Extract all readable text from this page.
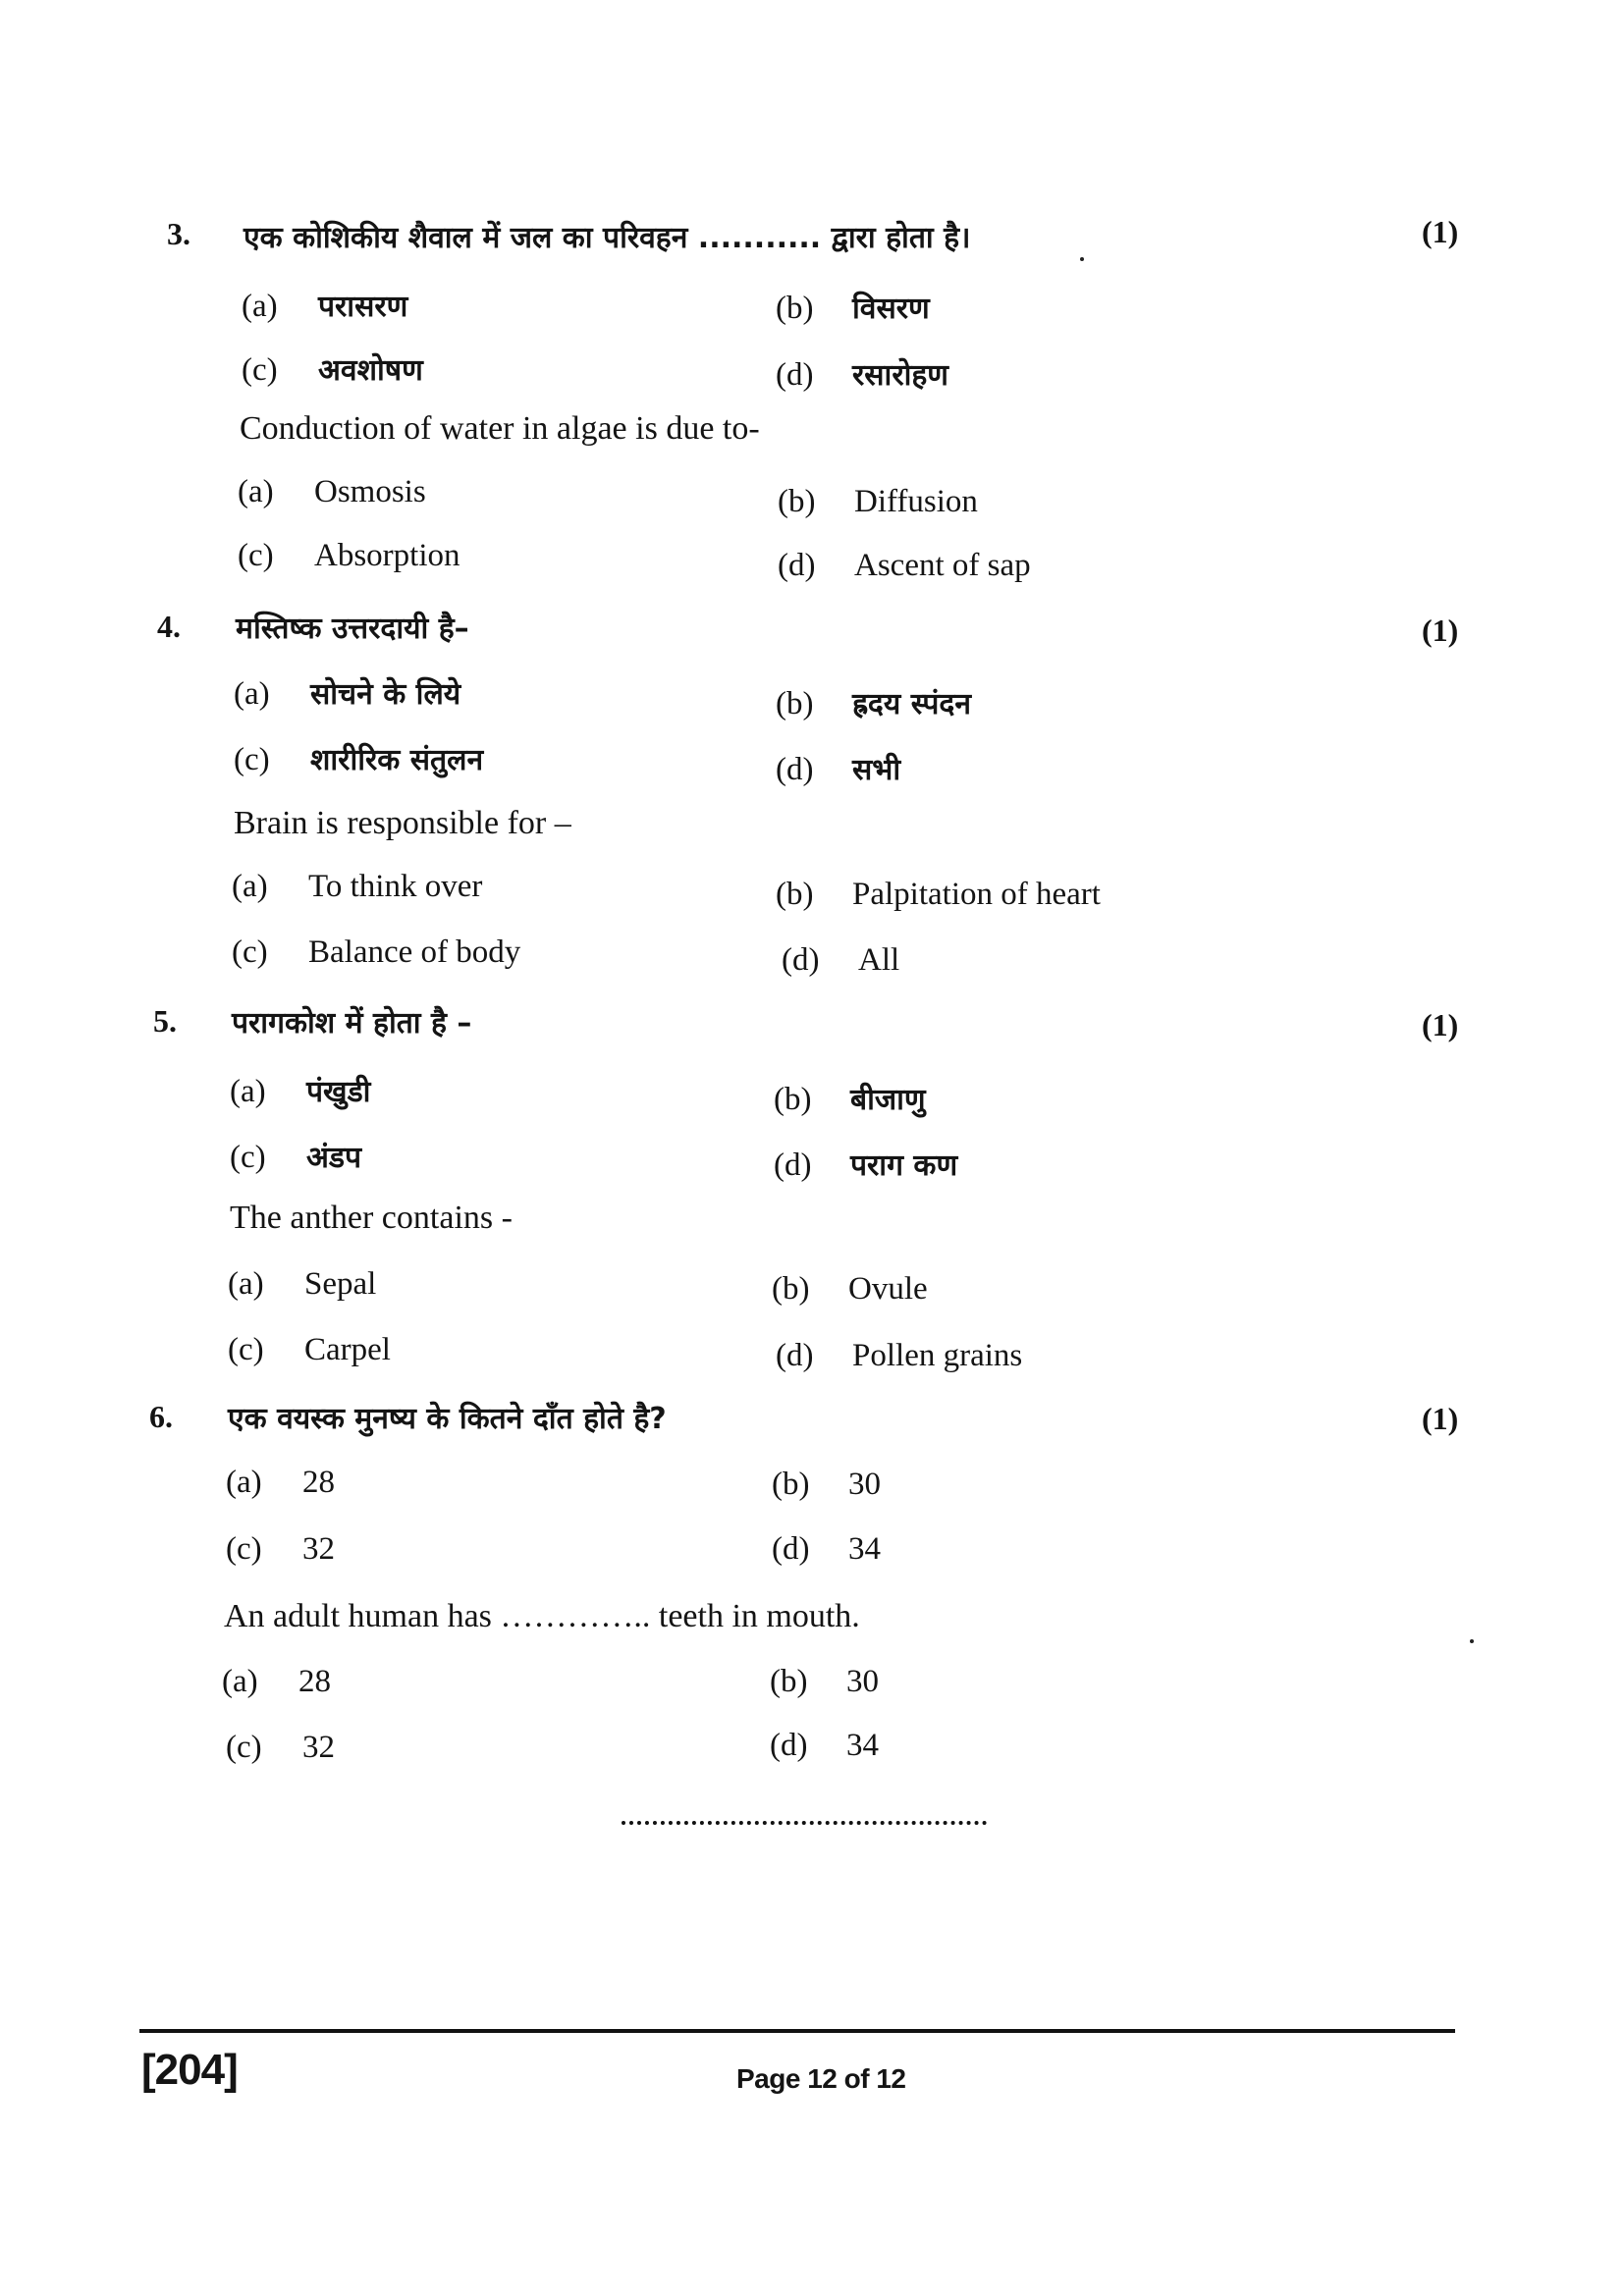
3. एक कोशिकीय शैवाल में जल का परिवहन ........... द्वारा होता है।	(1)
(a) परासरण	(b) विसरण
(c) अवशोषण	(d) रसारोहण
Conduction of water in algae is due to-
(a) Osmosis	(b) Diffusion
(c) Absorption	(d) Ascent of sap
4. मस्तिष्क उत्तरदायी है–	(1)
(a) सोचने के लिये	(b) ह्रदय स्पंदन
(c) शारीरिक संतुलन	(d) सभी
Brain is responsible for –
(a) To think over	(b) Palpitation of heart
(c) Balance of body	(d) All
5. परागकोश में होता है –	(1)
(a) पंखुडी	(b) बीजाणु
(c) अंडप	(d) पराग कण
The anther contains -
(a) Sepal	(b) Ovule
(c) Carpel	(d) Pollen grains
6. एक वयस्क मुनष्य के कितने दाँत होते है?	(1)
(a) 28	(b) 30
(c) 32	(d) 34
An adult human has ………….. teeth in mouth.
(a) 28	(b) 30
(c) 32	(d) 34
[204]	Page 12 of 12
